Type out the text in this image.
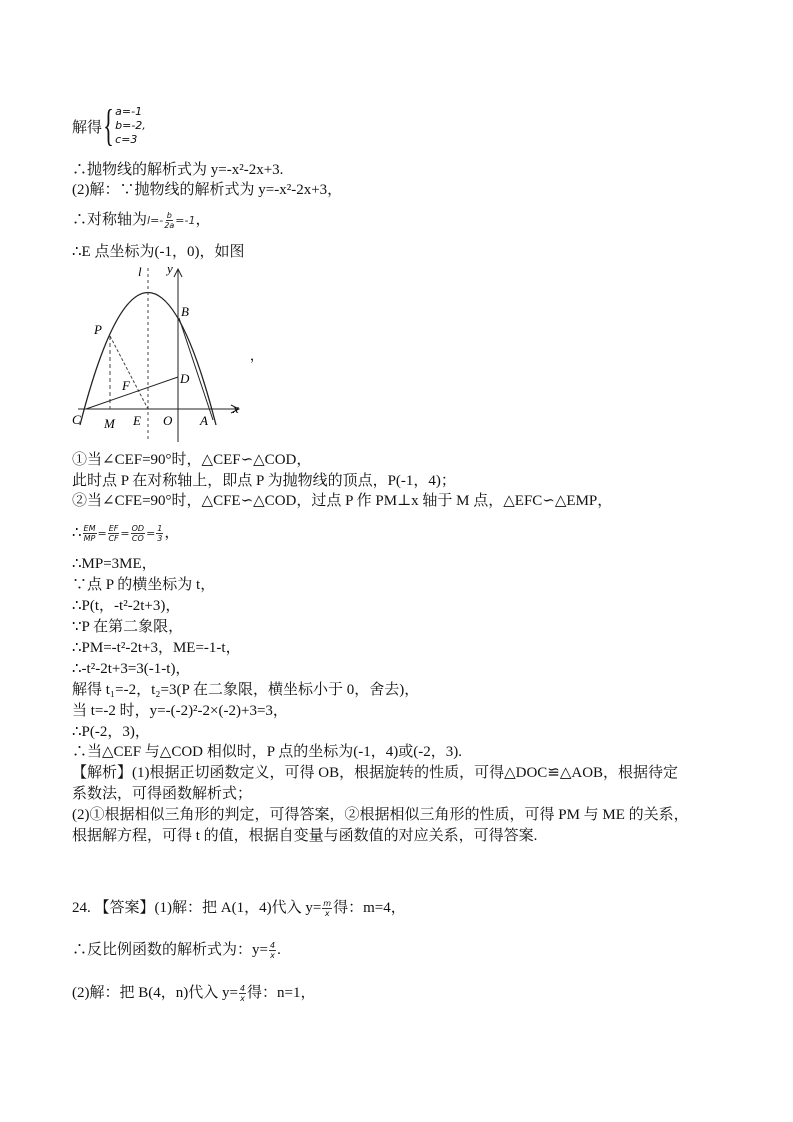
解得 { a=-1
b=-2,
c=3
∴抛物线的解析式为 y=-x²-2x+3.
(2)解：∵抛物线的解析式为 y=-x²-2x+3，
∴对称轴为$l=- \frac{b}{2a} =-1$，
∴E 点坐标为(-1，0)，如图
l y
x
B
P
D
F
C M E O A
，
①当∠CEF=90°时，△CEF∽△COD，
此时点 P 在对称轴上，即点 P 为抛物线的顶点，P(-1，4)；
②当∠CFE=90°时，△CFE∽△COD，过点 P 作 PM⊥x 轴于 M 点，△EFC∽△EMP，
∴ $\frac{EM}{MP} = \frac{EF}{CF} = \frac{OD}{CO} = \frac{1}{3}$ ，
∴MP=3ME，
∵点 P 的横坐标为 t，
∴P(t，-t²-2t+3)，
∵P 在第二象限，
∴PM=-t²-2t+3，ME=-1-t，
∴-t²-2t+3=3(-1-t)，
解得 t₁=-2，t₂=3(P 在二象限，横坐标小于 0，舍去)，
当 t=-2 时，y=-(-2)²-2×(-2)+3=3，
∴P(-2，3)，
∴当△CEF 与△COD 相似时，P 点的坐标为(-1，4)或(-2，3).
【解析】(1)根据正切函数定义，可得 OB，根据旋转的性质，可得△DOC≌△AOB，根据待定
系数法，可得函数解析式；
(2)①根据相似三角形的判定，可得答案，②根据相似三角形的性质，可得 PM 与 ME 的关系，
根据解方程，可得 t 的值，根据自变量与函数值的对应关系，可得答案.
24. 【答案】(1)解：把 A(1，4)代入 $y= \frac{m}{x}$ 得：m=4，
∴反比例函数的解析式为：$y= \frac{4}{x}$ .
(2)解：把 B(4，n)代入 $y= \frac{4}{x}$ 得：n=1，
